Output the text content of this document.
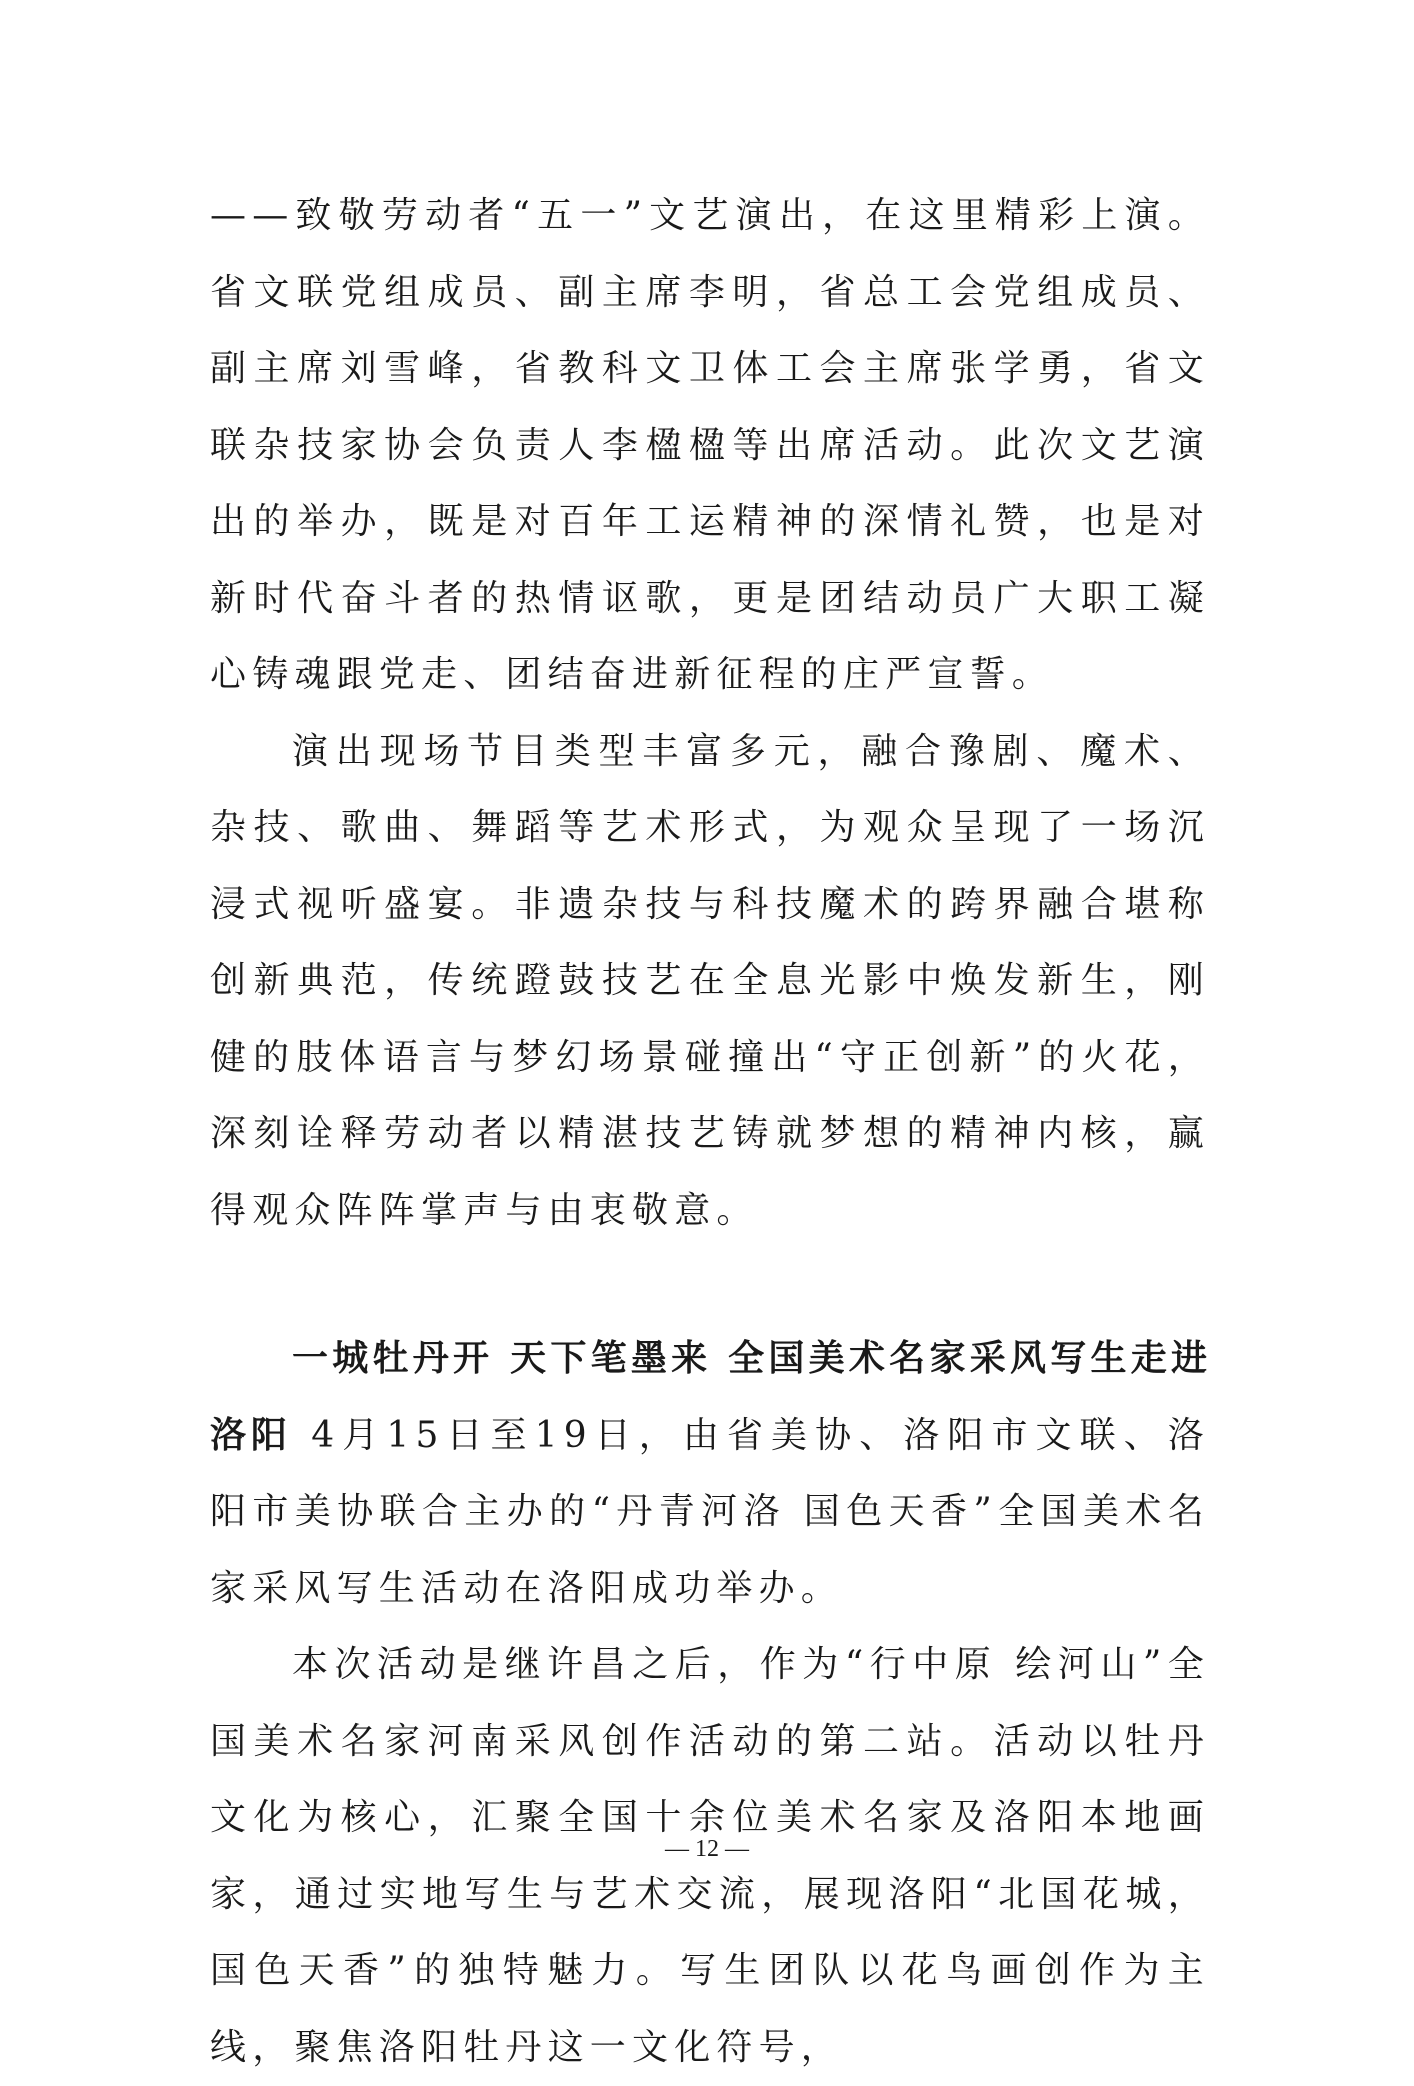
——致敬劳动者“五一”文艺演出，在这里精彩上演。省文联党组成员、副主席李明，省总工会党组成员、副主席刘雪峰，省教科文卫体工会主席张学勇，省文联杂技家协会负责人李楹楹等出席活动。此次文艺演出的举办，既是对百年工运精神的深情礼赞，也是对新时代奋斗者的热情讴歌，更是团结动员广大职工凝心铸魂跟党走、团结奋进新征程的庄严宣誓。

演出现场节目类型丰富多元，融合豫剧、魔术、杂技、歌曲、舞蹈等艺术形式，为观众呈现了一场沉浸式视听盛宴。非遗杂技与科技魔术的跨界融合堪称创新典范，传统蹬鼓技艺在全息光影中焕发新生，刚健的肢体语言与梦幻场景碰撞出“守正创新”的火花，深刻诠释劳动者以精湛技艺铸就梦想的精神内核，赢得观众阵阵掌声与由衷敬意。

一城牡丹开 天下笔墨来 全国美术名家采风写生走进洛阳 4月15日至19日，由省美协、洛阳市文联、洛阳市美协联合主办的“丹青河洛 国色天香”全国美术名家采风写生活动在洛阳成功举办。

本次活动是继许昌之后，作为“行中原 绘河山”全国美术名家河南采风创作活动的第二站。活动以牡丹文化为核心，汇聚全国十余位美术名家及洛阳本地画家，通过实地写生与艺术交流，展现洛阳“北国花城，国色天香”的独特魅力。写生团队以花鸟画创作为主线，聚焦洛阳牡丹这一文化符号，

— 12 —
